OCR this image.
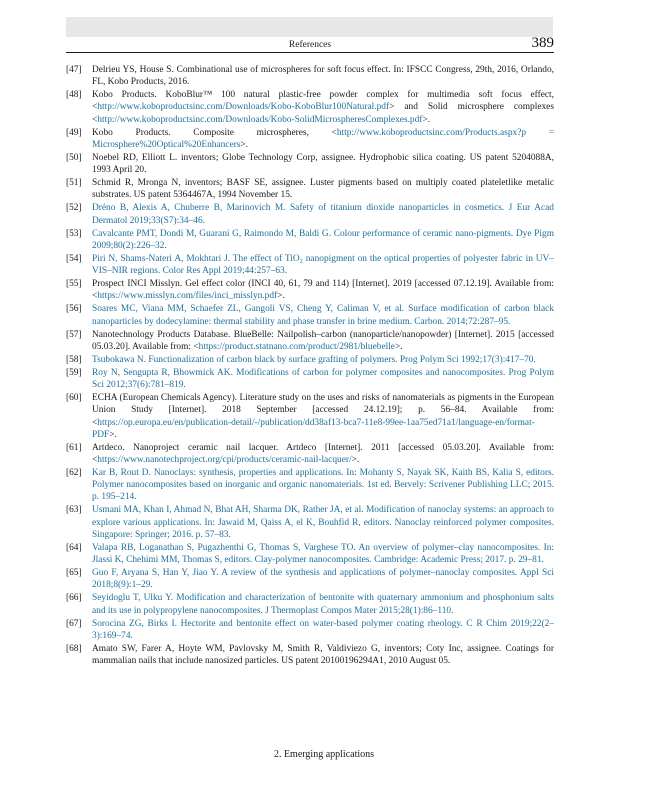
References	389
[47] Delrieu YS, House S. Combinational use of microspheres for soft focus effect. In: IFSCC Congress, 29th, 2016, Orlando, FL, Kobo Products, 2016.
[48] Kobo Products. KoboBlur™ 100 natural plastic-free powder complex for multimedia soft focus effect, <http://www.koboproductsinc.com/Downloads/Kobo-KoboBlur100Natural.pdf> and Solid microsphere complexes <http://www.koboproductsinc.com/Downloads/Kobo-SolidMicrospheresComplexes.pdf>.
[49] Kobo Products. Composite microspheres, <http://www.koboproductsinc.com/Products.aspx?p = Microsphere%20Optical%20Enhancers>.
[50] Noebel RD, Elliott L. inventors; Globe Technology Corp, assignee. Hydrophobic silica coating. US patent 5204088A, 1993 April 20.
[51] Schmid R, Mronga N, inventors; BASF SE, assignee. Luster pigments based on multiply coated plateletlike metalic substrates. US patent 5364467A, 1994 November 15.
[52] Dréno B, Alexis A, Chuberre B, Marinovich M. Safety of titanium dioxide nanoparticles in cosmetics. J Eur Acad Dermatol 2019;33(S7):34–46.
[53] Cavalcante PMT, Dondi M, Guarani G, Raimondo M, Baldi G. Colour performance of ceramic nano-pigments. Dye Pigm 2009;80(2):226–32.
[54] Piri N, Shams-Nateri A, Mokhtari J. The effect of TiO₂ nanopigment on the optical properties of polyester fabric in UV–VIS–NIR regions. Color Res Appl 2019;44:257–63.
[55] Prospect INCI Misslyn. Gel effect color (INCI 40, 61, 79 and 114) [Internet]. 2019 [accessed 07.12.19]. Available from: <https://www.misslyn.com/files/inci_misslyn.pdf>.
[56] Soares MC, Viana MM, Schaefer ZL, Gangoli VS, Cheng Y, Caliman V, et al. Surface modification of carbon black nanoparticles by dodecylamine: thermal stability and phase transfer in brine medium. Carbon. 2014;72:287–95.
[57] Nanotechnology Products Database. BlueBelle: Nailpolish–carbon (nanoparticle/nanopowder) [Internet]. 2015 [accessed 05.03.20]. Available from: <https://product.statnano.com/product/2981/bluebelle>.
[58] Tsubokawa N. Functionalization of carbon black by surface grafting of polymers. Prog Polym Sci 1992;17(3):417–70.
[59] Roy N, Sengupta R, Bhowmick AK. Modifications of carbon for polymer composites and nanocomposites. Prog Polym Sci 2012;37(6):781–819.
[60] ECHA (European Chemicals Agency). Literature study on the uses and risks of nanomaterials as pigments in the European Union Study [Internet]. 2018 September [accessed 24.12.19]; p. 56–84. Available from: <https://op.europa.eu/en/publication-detail/-/publication/dd38af13-bca7-11e8-99ee-1aa75ed71a1/language-en/format-PDF>.
[61] Artdeco. Nanoproject ceramic nail lacquer. Artdeco [Internet]. 2011 [accessed 05.03.20]. Available from: <https://www.nanotechproject.org/cpi/products/ceramic-nail-lacquer/>.
[62] Kar B, Rout D. Nanoclays: synthesis, properties and applications. In: Mohanty S, Nayak SK, Kaith BS, Kalia S, editors. Polymer nanocomposites based on inorganic and organic nanomaterials. 1st ed. Bervely: Scrivener Publishing LLC; 2015. p. 195–214.
[63] Usmani MA, Khan I, Ahmad N, Bhat AH, Sharma DK, Rather JA, et al. Modification of nanoclay systems: an approach to explore various applications. In: Jawaid M, Qaiss A, el K, Bouhfid R, editors. Nanoclay reinforced polymer composites. Singapore: Springer; 2016. p. 57–83.
[64] Valapa RB, Loganathan S, Pugazhenthi G, Thomas S, Varghese TO. An overview of polymer–clay nanocomposites. In: Jlassi K, Chehimi MM, Thomas S, editors. Clay-polymer nanocomposites. Cambridge: Academic Press; 2017. p. 29–81.
[65] Guo F, Aryana S, Han Y, Jiao Y. A review of the synthesis and applications of polymer–nanoclay composites. Appl Sci 2018;8(9):1–29.
[66] Seyidoglu T, Ulku Y. Modification and characterization of bentonite with quaternary ammonium and phosphonium salts and its use in polypropylene nanocomposites. J Thermoplast Compos Mater 2015;28(1):86–110.
[67] Sorocina ZG, Birks I. Hectorite and bentonite effect on water-based polymer coating rheology. C R Chim 2019;22(2–3):169–74.
[68] Amato SW, Farer A, Hoyte WM, Pavlovsky M, Smith R, Valdiviezo G, inventors; Coty Inc, assignee. Coatings for mammalian nails that include nanosized particles. US patent 20100196294A1, 2010 August 05.
2. Emerging applications
